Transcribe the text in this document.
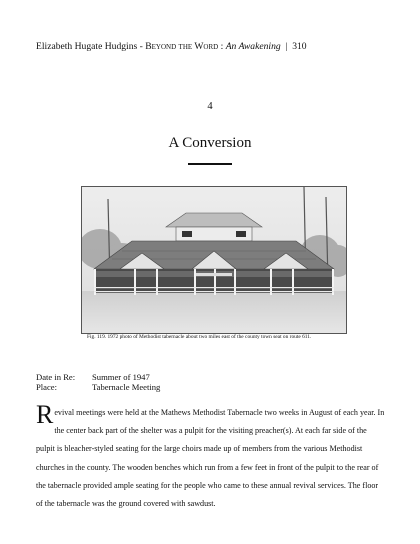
Elizabeth Hugate Hudgins - Beyond the Word : An Awakening  |  310
4
A Conversion
Fig. 119. 1972 photo of Methodist tabernacle about two miles east of the county town seat on route 611.
Date in Re: Summer of 1947
Place:	Tabernacle Meeting
Revival meetings were held at the Mathews Methodist Tabernacle two weeks in August of each year. In the center back part of the shelter was a pulpit for the visiting preacher(s). At each far side of the pulpit is bleacher-styled seating for the large choirs made up of members from the various Methodist churches in the county. The wooden benches which run from a few feet in front of the pulpit to the rear of the tabernacle provided ample seating for the people who came to these annual revival services. The floor of the tabernacle was the ground covered with sawdust.
